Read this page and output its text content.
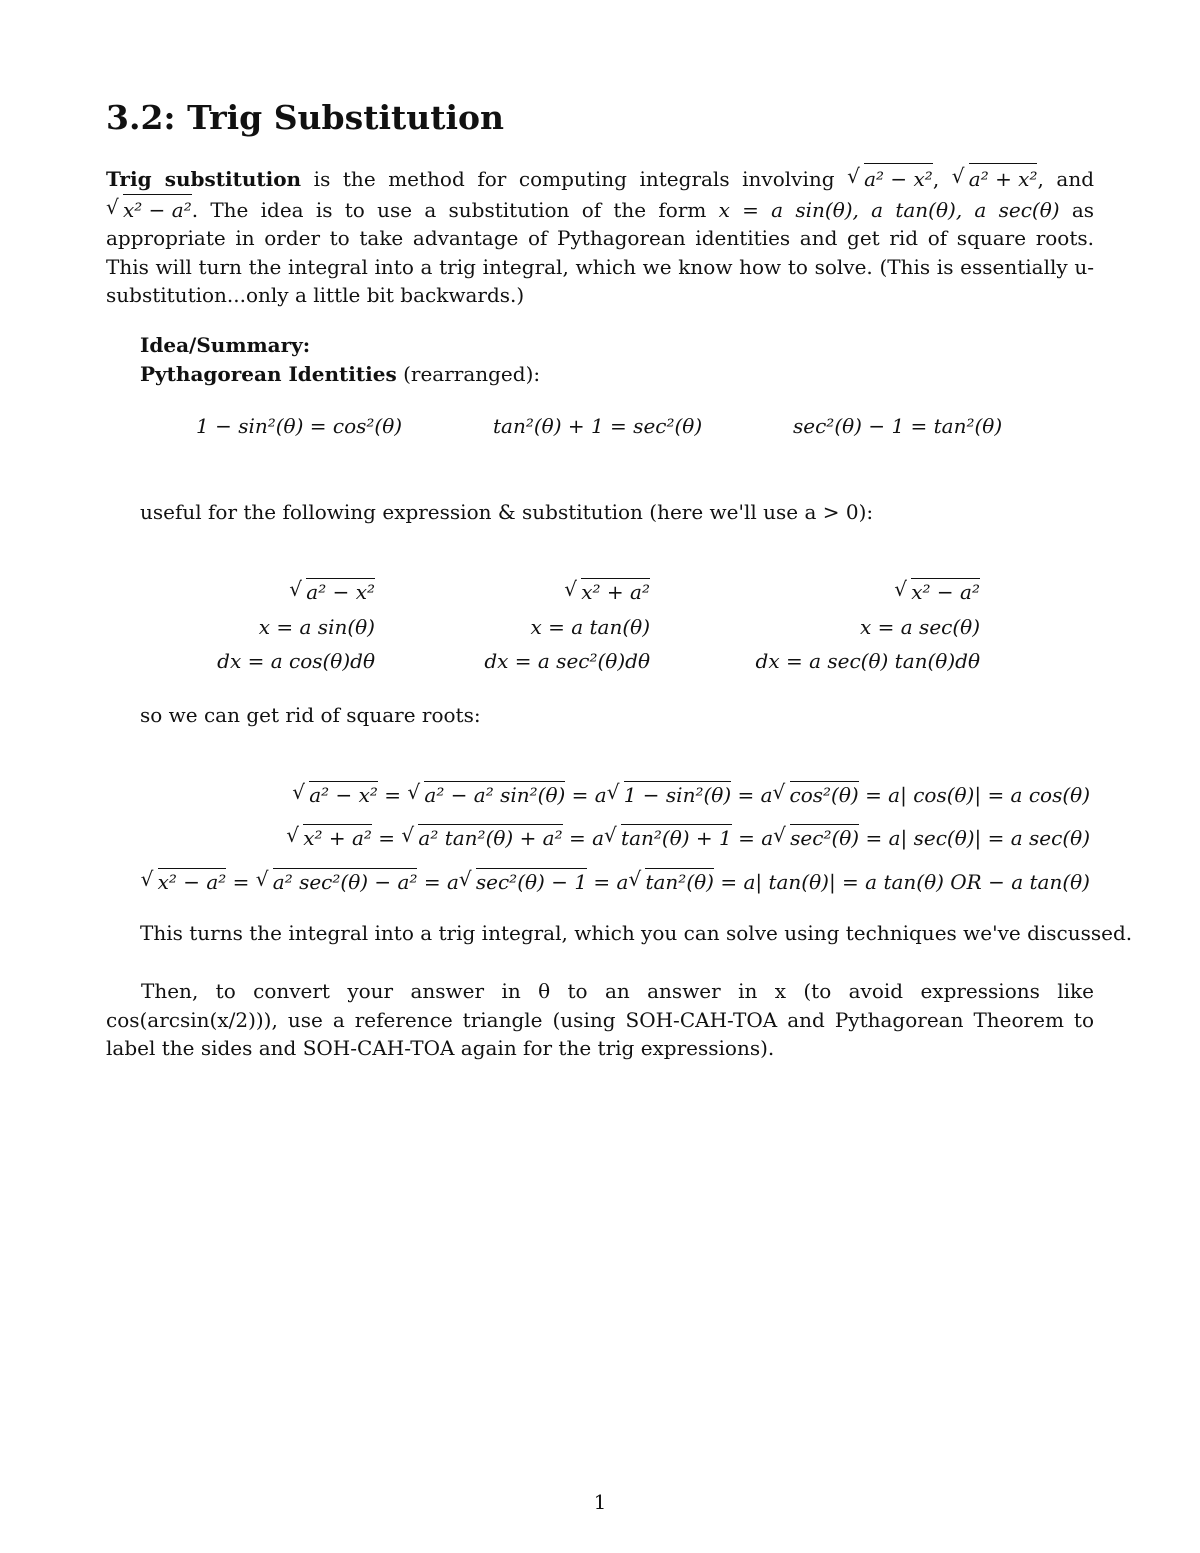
3.2: Trig Substitution
Trig substitution is the method for computing integrals involving √ a² − x², √ a² + x², and √ x² − a². The idea is to use a substitution of the form x = a sin(θ), a tan(θ), a sec(θ) as appropriate in order to take advantage of Pythagorean identities and get rid of square roots. This will turn the integral into a trig integral, which we know how to solve. (This is essentially u-substitution...only a little bit backwards.)
Idea/Summary:
Pythagorean Identities (rearranged):
1 − sin²(θ) = cos²(θ)	tan²(θ) + 1 = sec²(θ)	sec²(θ) − 1 = tan²(θ)
useful for the following expression & substitution (here we'll use a > 0):
√ a² − x²
x = a sin(θ)
dx = a cos(θ)dθ
√ x² + a²
x = a tan(θ)
dx = a sec²(θ)dθ
√ x² − a²
x = a sec(θ)
dx = a sec(θ) tan(θ)dθ
so we can get rid of square roots:
√ a² − x² = √ a² − a² sin²(θ) = a √ 1 − sin²(θ) = a √ cos²(θ) = a| cos(θ)| = a cos(θ)
√ x² + a² = √ a² tan²(θ) + a² = a √ tan²(θ) + 1 = a √ sec²(θ) = a| sec(θ)| = a sec(θ)
√ x² − a² = √ a² sec²(θ) − a² = a √ sec²(θ) − 1 = a √ tan²(θ) = a| tan(θ)| = a tan(θ) OR − a tan(θ)
This turns the integral into a trig integral, which you can solve using techniques we've discussed.
Then, to convert your answer in θ to an answer in x (to avoid expressions like cos(arcsin(x/2))), use a reference triangle (using SOH-CAH-TOA and Pythagorean Theorem to label the sides and SOH-CAH-TOA again for the trig expressions).
1
